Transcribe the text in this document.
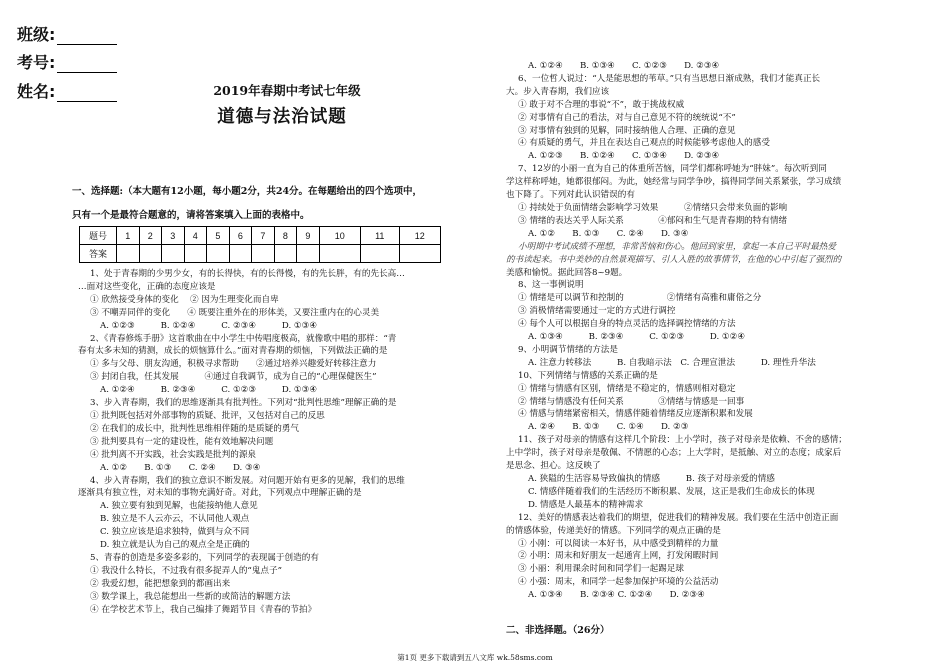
班级:
考号:
姓名:	2019年春期中考试七年级
道德与法治试题
一、选择题:（本大题有12小题，每小题2分，共24分。在每题给出的四个选项中，
只有一个是最符合题意的，请将答案填入上面的表格中。
题号	1	2	3	4	5	6	7	8	9	10	11	12
答案												
1、处于青春期的少男少女，有的长得快，有的长得慢，有的先长胖，有的先长高…
…面对这些变化，正确的态度应该是
① 欣然接受身体的变化　 ② 因为生理变化而自卑
③ 不嘲弄同伴的变化　　④ 既要注重外在的形体美，又要注重内在的心灵美
A. ①②③　　　B. ①②④　　　C. ②③④　　　D. ①③④
2、《青春修炼手册》这首歌曲在中小学生中传唱度极高，就像歌中唱的那样：“青
春有太多未知的猜测，成长的烦恼算什么。”面对青春期的烦恼，下列做法正确的是
① 多与父母、朋友沟通，积极寻求帮助　　②通过培养兴趣爱好转移注意力
③ 封闭自我，任其发展　　　④通过自我调节，成为自己的“心理保健医生”
A. ①②④　　　B. ②③④　　　C. ①②③　　　D. ①③④
3、步入青春期，我们的思维逐渐具有批判性。下列对“批判性思维”理解正确的是
① 批判既包括对外部事物的质疑、批评，又包括对自己的反思
② 在我们的成长中，批判性思维相伴随的是质疑的勇气
③ 批判要具有一定的建设性，能有效地解决问题
④ 批判离不开实践，社会实践是批判的源泉
A. ①②　　B. ①③　　C. ②④　　D. ③④
4、步入青春期，我们的独立意识不断发展。对问题开始有更多的见解，我们的思维
逐渐具有独立性，对未知的事物充满好奇。对此，下列观点中理解正确的是
A. 独立要有独到见解，也能接纳他人意见
B. 独立是不人云亦云，不认同他人观点
C. 独立应该是追求独特，做到与众不同
D. 独立就是认为自己的观点全是正确的
5、青春的创造是多姿多彩的，下列同学的表现属于创造的有
① 我没什么特长，不过我有很多捉弄人的“鬼点子”
② 我爱幻想，能把想象到的都画出来
③ 数学课上，我总能想出一些新的或简洁的解题方法
④ 在学校艺术节上，我自己编排了舞蹈节目《青春的节拍》
A. ①②④　　B. ①③④　　C. ①②③　　D. ②③④
6、一位哲人说过：“人是能思想的苇草。”只有当思想日渐成熟，我们才能真正长
大。步入青春期，我们应该
① 敢于对不合理的事说“不”，敢于挑战权威
② 对事情有自己的看法，对与自己意见不符的统统说“不”
③ 对事情有独到的见解，同时接纳他人合理、正确的意见
④ 有质疑的勇气，并且在表达自己观点的时候能够考虑他人的感受
A. ①②③　　B. ①②④　　C. ①③④　　D. ②③④
7、12岁的小丽一直为自己的体重所苦恼，同学们都称呼她为“胖妹”。每次听到同
学这样称呼她，她都很郁闷。为此，她经常与同学争吵，搞得同学间关系紧张，学习成绩
也下降了。下列对此认识错误的有
① 持续处于负面情绪会影响学习效果　　　②情绪只会带来负面的影响
③ 情绪的表达关乎人际关系　　　　④郁闷和生气是青春期的特有情绪
A. ①②　　B. ①③　　C. ②④　　D. ③④
小明期中考试成绩不理想，非常苦恼和伤心。他回到家里，拿起一本自己平时最热爱
的书读起来。书中美妙的自然景观描写、引人入胜的故事情节，在他的心中引起了强烈的
美感和愉悦。据此回答8~9题。
8、这一事例说明
① 情绪是可以调节和控制的　　　　　②情绪有高雅和庸俗之分
③ 消极情绪需要通过一定的方式进行调控
④ 每个人可以根据自身的特点灵活的选择调控情绪的方法
A. ①③④　　　B. ②③④　　　C. ①②③　　　D. ①②④
9、小明调节情绪的方法是
A. 注意力转移法　　　B. 自我暗示法　C. 合理宣泄法　　　D. 理性升华法
10、下列情绪与情感的关系正确的是
① 情绪与情感有区别，情绪是不稳定的，情感则相对稳定
② 情绪与情感没有任何关系　　　　③情绪与情感是一回事
④ 情感与情绪紧密相关，情感伴随着情绪反应逐渐积累和发展
A. ②④　　B. ①③　　C. ①④　　D. ②③
11、孩子对母亲的情感有这样几个阶段：上小学时，孩子对母亲是依赖、不舍的感情；
上中学时，孩子对母亲是敬佩、不情愿的心态；上大学时，是抵触、对立的态度；成家后
是思念、担心。这反映了
A. 狭隘的生活容易导致偏执的情感　　　B. 孩子对母亲爱的情感
C. 情感伴随着我们的生活经历不断积累、发展，这正是我们生命成长的体现
D. 情感是人最基本的精神需求
12、美好的情感表达着我们的期望，促进我们的精神发展。我们要在生活中创造正面
的情感体验，传递美好的情感。下列同学的观点正确的是
① 小刚：可以阅读一本好书，从中感受到精样的力量
② 小明：周末和好朋友一起通宵上网，打发闲暇时间
③ 小丽：利用课余时间和同学们一起踢足球
④ 小强：周末，和同学一起参加保护环境的公益活动
A. ①③④　　B. ②③④ C. ①②④　　D. ②③④
二、非选择题。（26分）
第1页 更多下载请到五八文库 wk.58sms.com
